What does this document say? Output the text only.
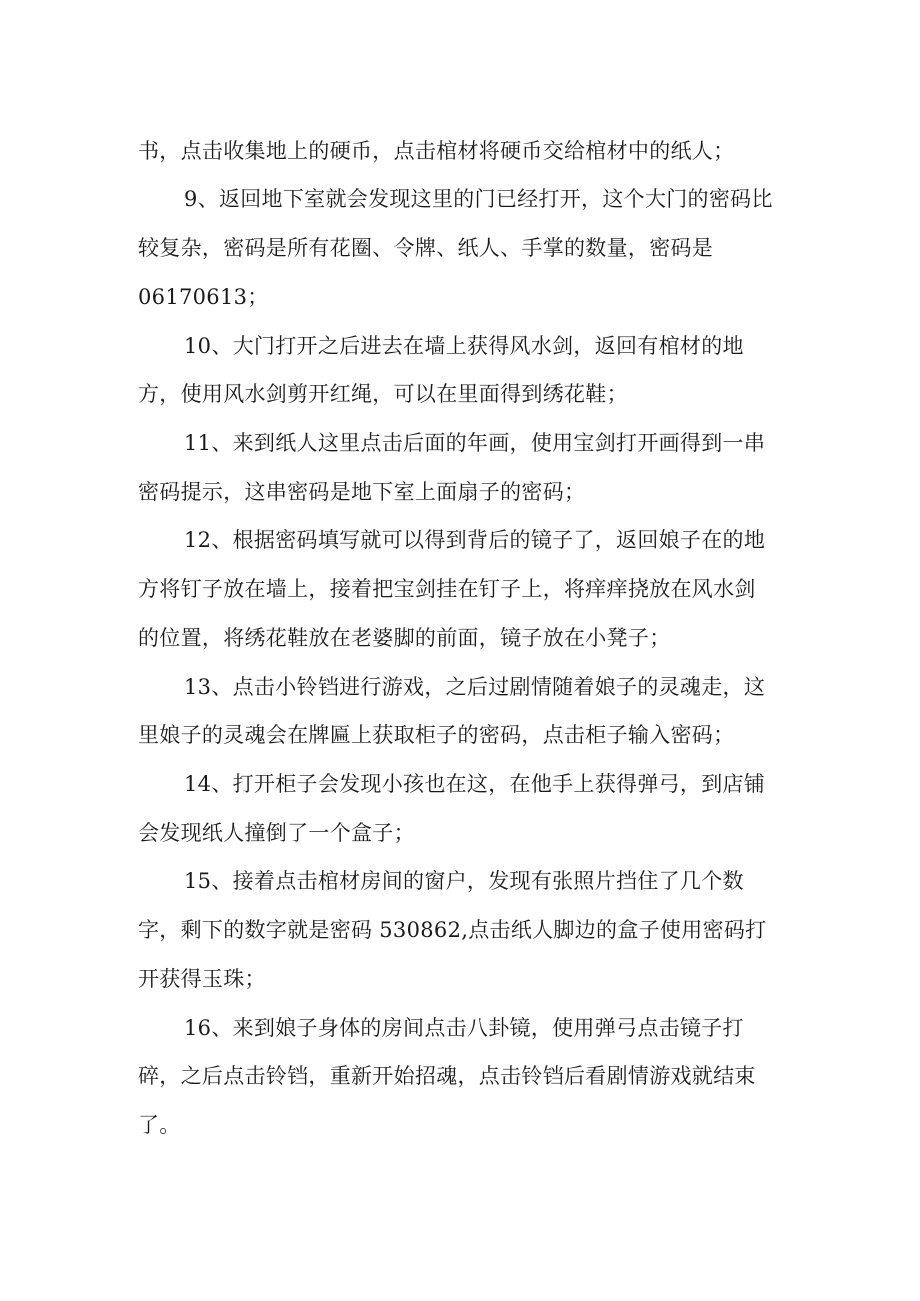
书，点击收集地上的硬币，点击棺材将硬币交给棺材中的纸人；
9、返回地下室就会发现这里的门已经打开，这个大门的密码比
较复杂，密码是所有花圈、令牌、纸人、手掌的数量，密码是
06170613；
10、大门打开之后进去在墙上获得风水剑，返回有棺材的地
方，使用风水剑剪开红绳，可以在里面得到绣花鞋；
11、来到纸人这里点击后面的年画，使用宝剑打开画得到一串
密码提示，这串密码是地下室上面扇子的密码；
12、根据密码填写就可以得到背后的镜子了，返回娘子在的地
方将钉子放在墙上，接着把宝剑挂在钉子上，将痒痒挠放在风水剑
的位置，将绣花鞋放在老婆脚的前面，镜子放在小凳子；
13、点击小铃铛进行游戏，之后过剧情随着娘子的灵魂走，这
里娘子的灵魂会在牌匾上获取柜子的密码，点击柜子输入密码；
14、打开柜子会发现小孩也在这，在他手上获得弹弓，到店铺
会发现纸人撞倒了一个盒子；
15、接着点击棺材房间的窗户，发现有张照片挡住了几个数
字，剩下的数字就是密码 530862,点击纸人脚边的盒子使用密码打
开获得玉珠；
16、来到娘子身体的房间点击八卦镜，使用弹弓点击镜子打
碎，之后点击铃铛，重新开始招魂，点击铃铛后看剧情游戏就结束
了。
